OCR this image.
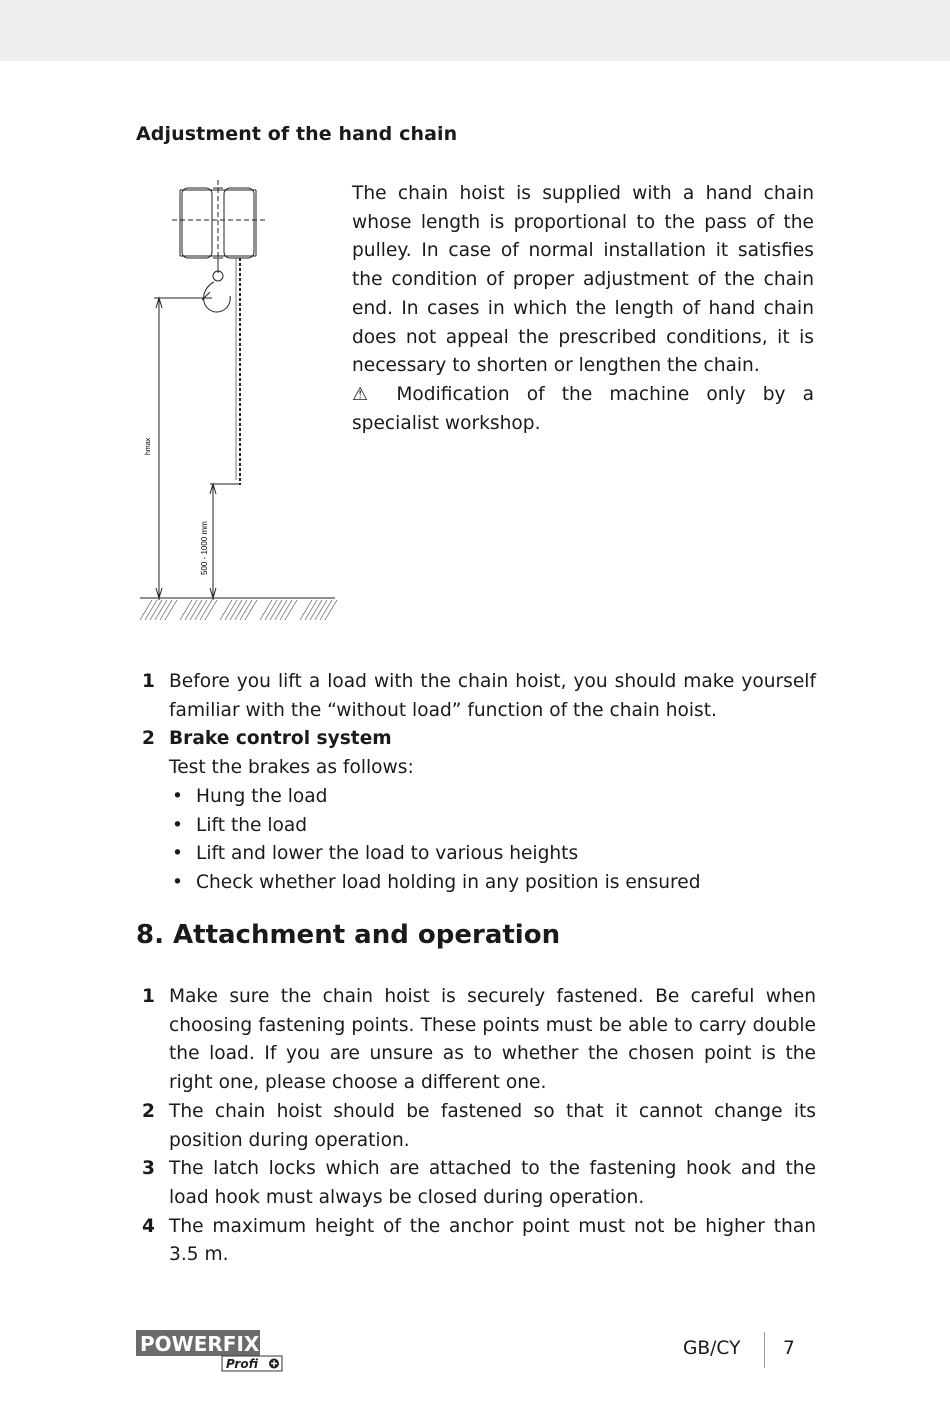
Adjustment of the hand chain
hmax
500 - 1000 mm

The chain hoist is supplied with a hand chain whose length is proportional to the pass of the pulley. In case of normal installation it satisfies the condition of proper adjustment of the chain end. In cases in which the length of hand chain does not appeal the prescribed conditions, it is necessary to shorten or lengthen the chain.

⚠ Modification of the machine only by a specialist workshop.

1 Before you lift a load with the chain hoist, you should make yourself familiar with the “without load” function of the chain hoist.
2 Brake control system
Test the brakes as follows:
• Hung the load
• Lift the load
• Lift and lower the load to various heights
• Check whether load holding in any position is ensured
8. Attachment and operation
1 Make sure the chain hoist is securely fastened. Be careful when choosing fastening points. These points must be able to carry double the load. If you are unsure as to whether the chosen point is the right one, please choose a different one.
2 The chain hoist should be fastened so that it cannot change its position during operation.
3 The latch locks which are attached to the fastening hook and the load hook must always be closed during operation.
4 The maximum height of the anchor point must not be higher than 3.5 m.
POWERFIX
Profi
GB/CY 7
